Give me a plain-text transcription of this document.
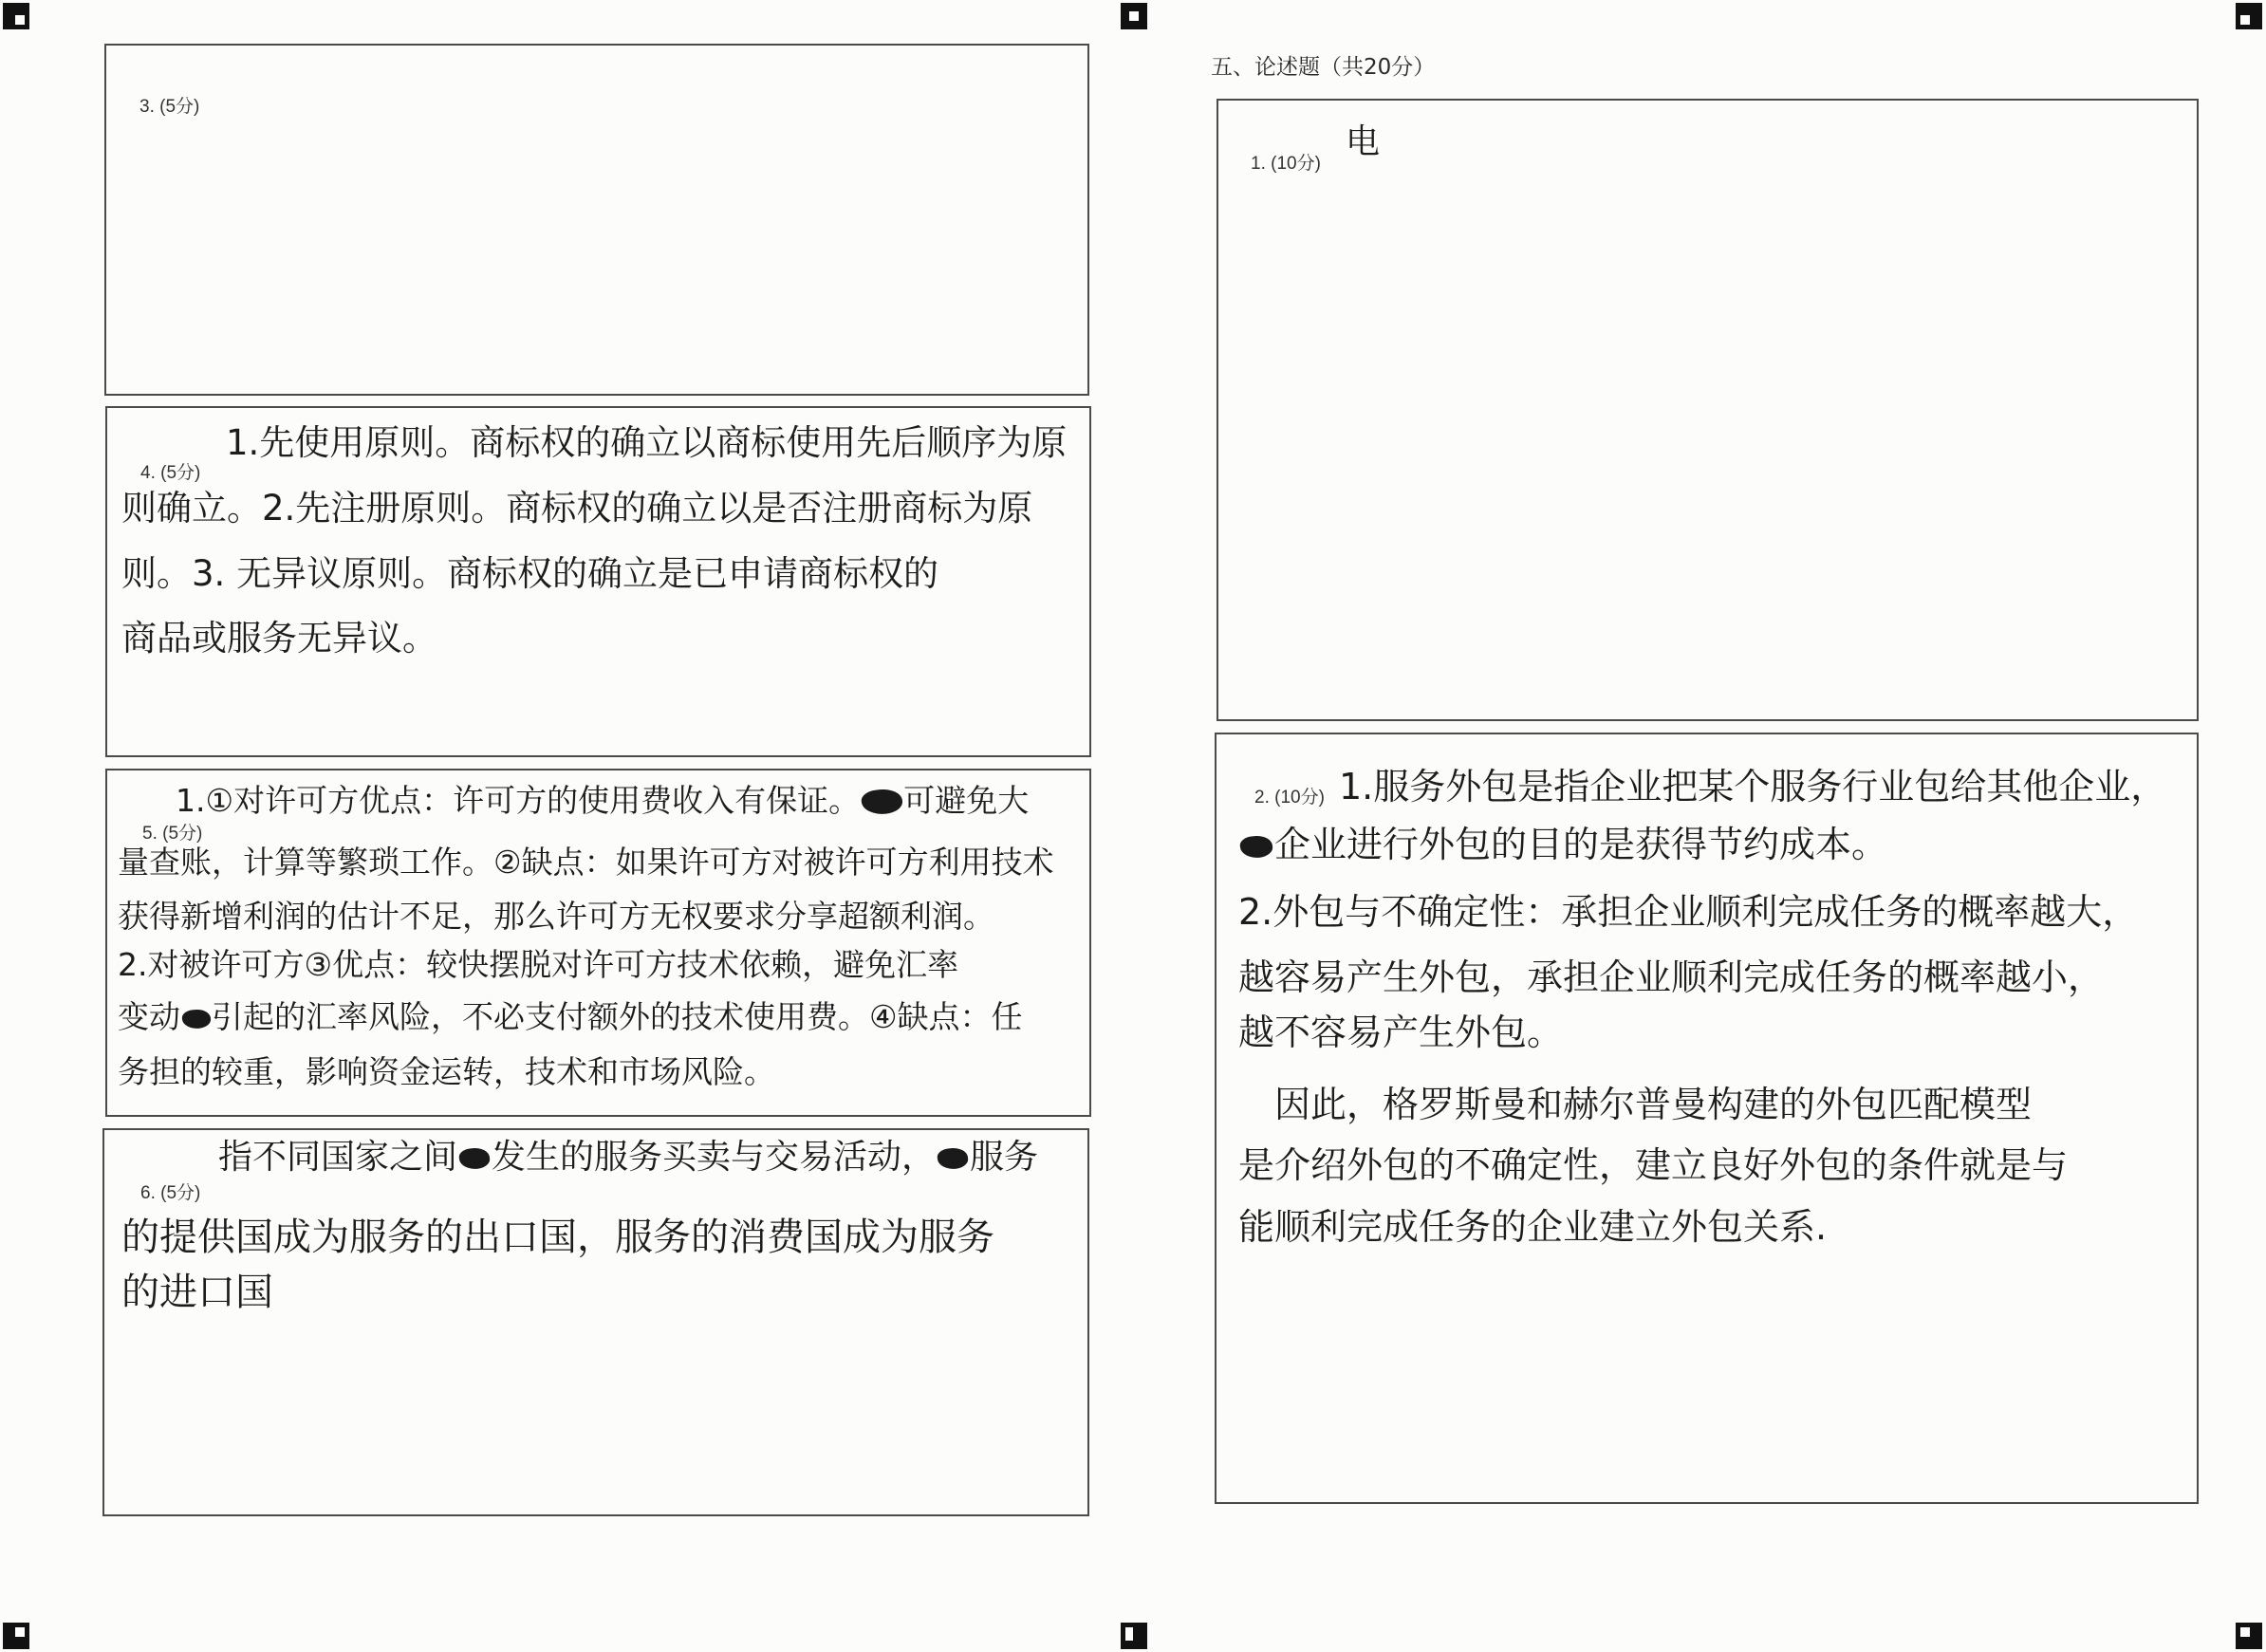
3. (5分)
4. (5分)
1.先使用原则。商标权的确立以商标使用先后顺序为原
则确立。2.先注册原则。商标权的确立以是否注册商标为原
则。3. 无异议原则。商标权的确立是已申请商标权的
商品或服务无异议。
5. (5分)
1.①对许可方优点：许可方的使用费收入有保证。 可避免大
量查账，计算等繁琐工作。②缺点：如果许可方对被许可方利用技术
获得新增利润的估计不足，那么许可方无权要求分享超额利润。
2.对被许可方③优点：较快摆脱对许可方技术依赖，避免汇率
变动 引起的汇率风险，不必支付额外的技术使用费。④缺点：任
务担的较重，影响资金运转，技术和市场风险。
6. (5分)
指不同国家之间 发生的服务买卖与交易活动， 服务
的提供国成为服务的出口国，服务的消费国成为服务
的进口国
五、论述题（共20分）
1. (10分)
电
2. (10分) 1.服务外包是指企业把某个服务行业包给其他企业，
企业进行外包的目的是获得节约成本。
2.外包与不确定性：承担企业顺利完成任务的概率越大，
越容易产生外包，承担企业顺利完成任务的概率越小，
越不容易产生外包。
因此，格罗斯曼和赫尔普曼构建的外包匹配模型
是介绍外包的不确定性，建立良好外包的条件就是与
能顺利完成任务的企业建立外包关系.
